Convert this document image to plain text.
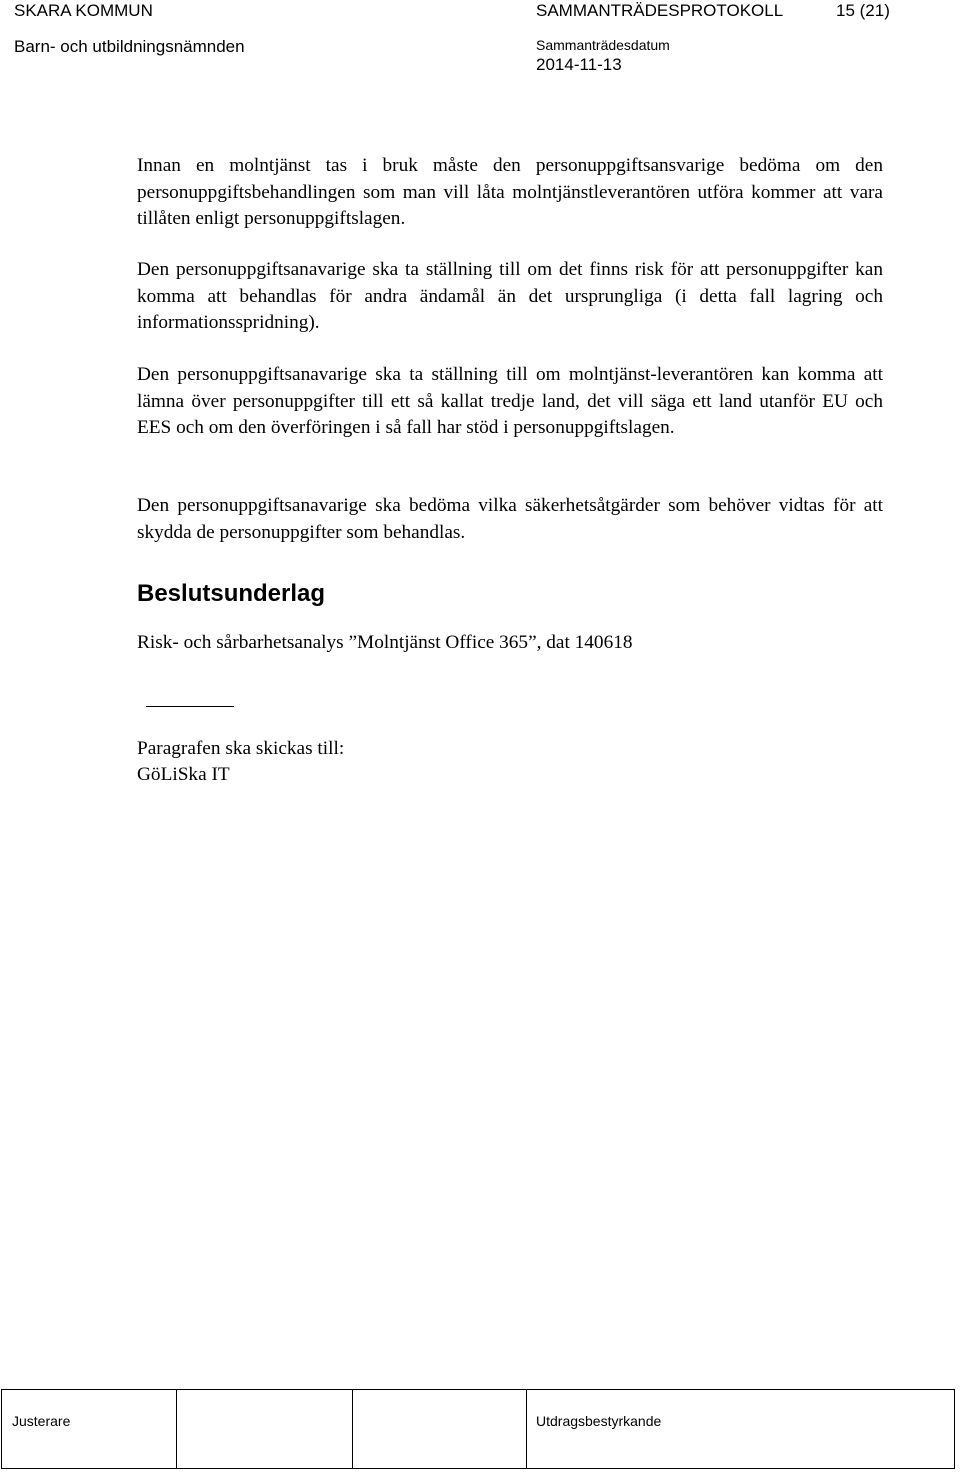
SKARA KOMMUN
Barn- och utbildningsnämnden
SAMMANTRÄDESPROTOKOLL	15 (21)
Sammanträdesdatum
2014-11-13

Innan en molntjänst tas i bruk måste den personuppgiftsansvarige bedöma om den personuppgiftsbehandlingen som man vill låta molntjänstleverantören utföra kommer att vara tillåten enligt personuppgiftslagen.

Den personuppgiftsanavarige ska ta ställning till om det finns risk för att personuppgifter kan komma att behandlas för andra ändamål än det ursprungliga (i detta fall lagring och informationsspridning).

Den personuppgiftsanavarige ska ta ställning till om molntjänst-leverantören kan komma att lämna över personuppgifter till ett så kallat tredje land, det vill säga ett land utanför EU och EES och om den överföringen i så fall har stöd i personuppgiftslagen.

Den personuppgiftsanavarige ska bedöma vilka säkerhetsåtgärder som behöver vidtas för att skydda de personuppgifter som behandlas.

Beslutsunderlag
Risk- och sårbarhetsanalys ”Molntjänst Office 365”, dat 140618
Paragrafen ska skickas till:
GöLiSka IT
Justerare	Utdragsbestyrkande
